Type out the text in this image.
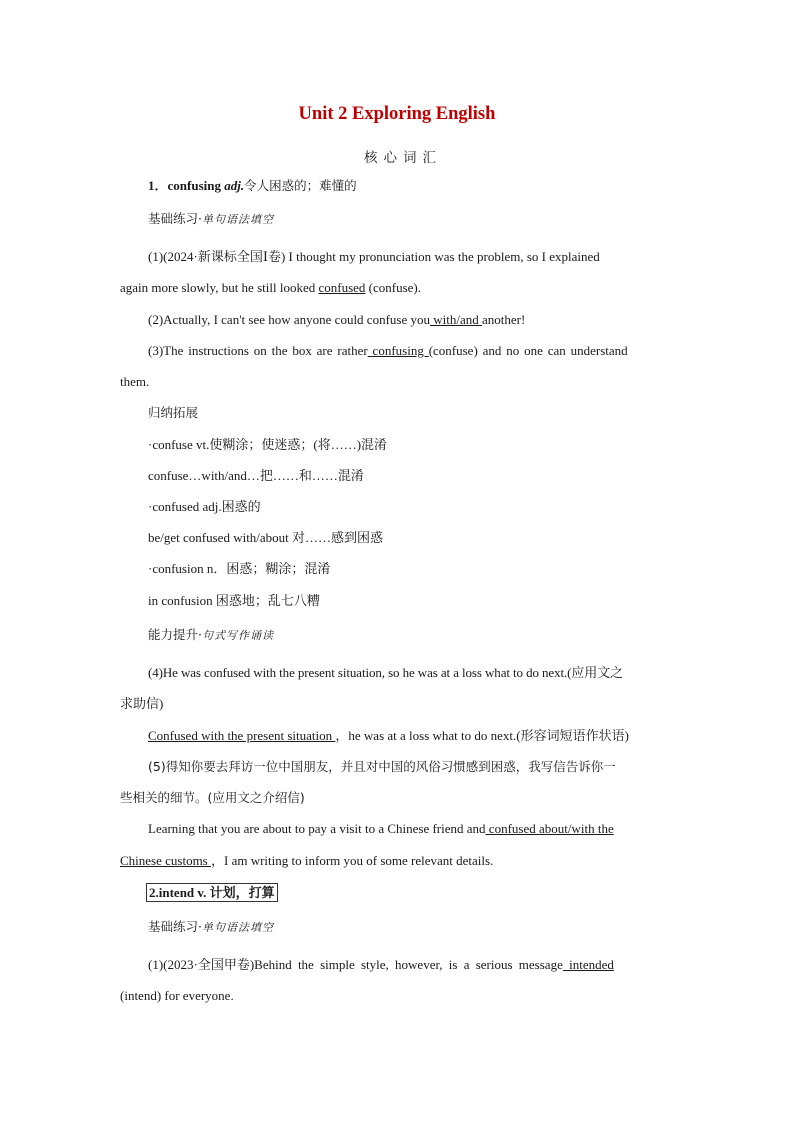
Unit 2 Exploring English
核心词汇
1．confusing adj.令人困惑的；难懂的
基础练习·单句语法填空
(1)(2024·新课标全国Ⅰ卷) I thought my pronunciation was the problem, so I explained
again more slowly, but he still looked confused (confuse).
(2)Actually, I can't see how anyone could confuse you with/and another!
(3)The instructions on the box are rather confusing (confuse) and no one can understand
them.
归纳拓展
·confuse vt.使糊涂；使迷惑；(将……)混淆
confuse…with/and…把……和……混淆
·confused adj.困惑的
be/get confused with/about 对……感到困惑
·confusion n．困惑；糊涂；混淆
in confusion 困惑地；乱七八糟
能力提升·句式写作诵读
(4)He was confused with the present situation, so he was at a loss what to do next.(应用文之
求助信)
Confused with the present situation ，he was at a loss what to do next.(形容词短语作状语)
(5)得知你要去拜访一位中国朋友，并且对中国的风俗习惯感到困惑，我写信告诉你一
些相关的细节。(应用文之介绍信)
Learning that you are about to pay a visit to a Chinese friend and confused about/with the
Chinese customs ，I am writing to inform you of some relevant details.
2.intend v. 计划，打算
基础练习·单句语法填空
(1)(2023·全国甲卷)Behind the simple style, however, is a serious message intended
(intend) for everyone.
